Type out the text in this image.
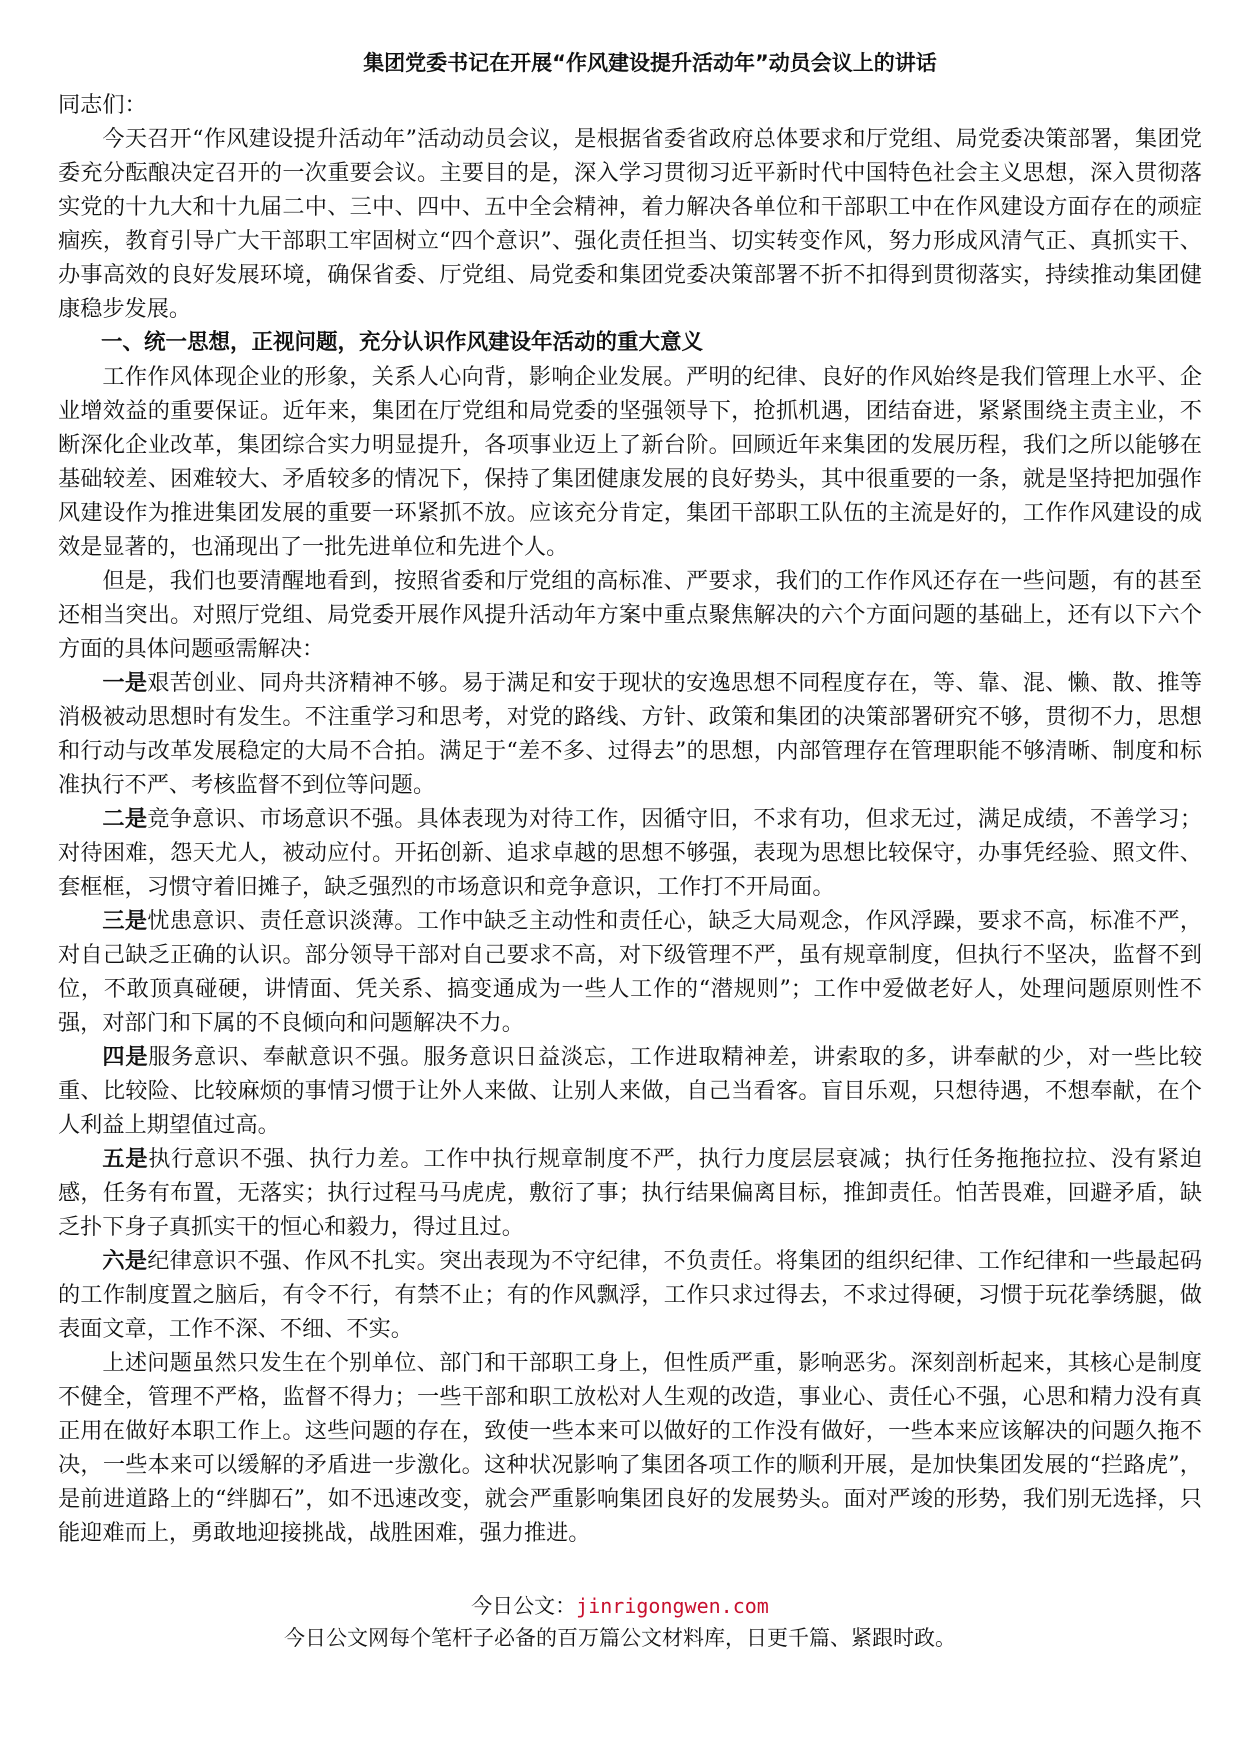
集团党委书记在开展“作风建设提升活动年”动员会议上的讲话

同志们：

今天召开“作风建设提升活动年”活动动员会议，是根据省委省政府总体要求和厅党组、局党委决策部署，集团党委充分酝酿决定召开的一次重要会议。主要目的是，深入学习贯彻习近平新时代中国特色社会主义思想，深入贯彻落实党的十九大和十九届二中、三中、四中、五中全会精神，着力解决各单位和干部职工中在作风建设方面存在的顽症痼疾，教育引导广大干部职工牢固树立“四个意识”、强化责任担当、切实转变作风，努力形成风清气正、真抓实干、办事高效的良好发展环境，确保省委、厅党组、局党委和集团党委决策部署不折不扣得到贯彻落实，持续推动集团健康稳步发展。

一、统一思想，正视问题，充分认识作风建设年活动的重大意义

工作作风体现企业的形象，关系人心向背，影响企业发展。严明的纪律、良好的作风始终是我们管理上水平、企业增效益的重要保证。近年来，集团在厅党组和局党委的坚强领导下，抢抓机遇，团结奋进，紧紧围绕主责主业，不断深化企业改革，集团综合实力明显提升，各项事业迈上了新台阶。回顾近年来集团的发展历程，我们之所以能够在基础较差、困难较大、矛盾较多的情况下，保持了集团健康发展的良好势头，其中很重要的一条，就是坚持把加强作风建设作为推进集团发展的重要一环紧抓不放。应该充分肯定，集团干部职工队伍的主流是好的，工作作风建设的成效是显著的，也涌现出了一批先进单位和先进个人。

但是，我们也要清醒地看到，按照省委和厅党组的高标准、严要求，我们的工作作风还存在一些问题，有的甚至还相当突出。对照厅党组、局党委开展作风提升活动年方案中重点聚焦解决的六个方面问题的基础上，还有以下六个方面的具体问题亟需解决：

一是艰苦创业、同舟共济精神不够。易于满足和安于现状的安逸思想不同程度存在，等、靠、混、懒、散、推等消极被动思想时有发生。不注重学习和思考，对党的路线、方针、政策和集团的决策部署研究不够，贯彻不力，思想和行动与改革发展稳定的大局不合拍。满足于“差不多、过得去”的思想，内部管理存在管理职能不够清晰、制度和标准执行不严、考核监督不到位等问题。

二是竞争意识、市场意识不强。具体表现为对待工作，因循守旧，不求有功，但求无过，满足成绩，不善学习；对待困难，怨天尤人，被动应付。开拓创新、追求卓越的思想不够强，表现为思想比较保守，办事凭经验、照文件、套框框，习惯守着旧摊子，缺乏强烈的市场意识和竞争意识，工作打不开局面。

三是忧患意识、责任意识淡薄。工作中缺乏主动性和责任心，缺乏大局观念，作风浮躁，要求不高，标准不严，对自己缺乏正确的认识。部分领导干部对自己要求不高，对下级管理不严，虽有规章制度，但执行不坚决，监督不到位，不敢顶真碰硬，讲情面、凭关系、搞变通成为一些人工作的“潜规则”；工作中爱做老好人，处理问题原则性不强，对部门和下属的不良倾向和问题解决不力。

四是服务意识、奉献意识不强。服务意识日益淡忘，工作进取精神差，讲索取的多，讲奉献的少，对一些比较重、比较险、比较麻烦的事情习惯于让外人来做、让别人来做，自己当看客。盲目乐观，只想待遇，不想奉献，在个人利益上期望值过高。

五是执行意识不强、执行力差。工作中执行规章制度不严，执行力度层层衰减；执行任务拖拖拉拉、没有紧迫感，任务有布置，无落实；执行过程马马虎虎，敷衍了事；执行结果偏离目标，推卸责任。怕苦畏难，回避矛盾，缺乏扑下身子真抓实干的恒心和毅力，得过且过。

六是纪律意识不强、作风不扎实。突出表现为不守纪律，不负责任。将集团的组织纪律、工作纪律和一些最起码的工作制度置之脑后，有令不行，有禁不止；有的作风飘浮，工作只求过得去，不求过得硬，习惯于玩花拳绣腿，做表面文章，工作不深、不细、不实。

上述问题虽然只发生在个别单位、部门和干部职工身上，但性质严重，影响恶劣。深刻剖析起来，其核心是制度不健全，管理不严格，监督不得力；一些干部和职工放松对人生观的改造，事业心、责任心不强，心思和精力没有真正用在做好本职工作上。这些问题的存在，致使一些本来可以做好的工作没有做好，一些本来应该解决的问题久拖不决，一些本来可以缓解的矛盾进一步激化。这种状况影响了集团各项工作的顺利开展，是加快集团发展的“拦路虎”，是前进道路上的“绊脚石”，如不迅速改变，就会严重影响集团良好的发展势头。面对严竣的形势，我们别无选择，只能迎难而上，勇敢地迎接挑战，战胜困难，强力推进。

今日公文：jinrigongwen.com
今日公文网每个笔杆子必备的百万篇公文材料库，日更千篇、紧跟时政。
